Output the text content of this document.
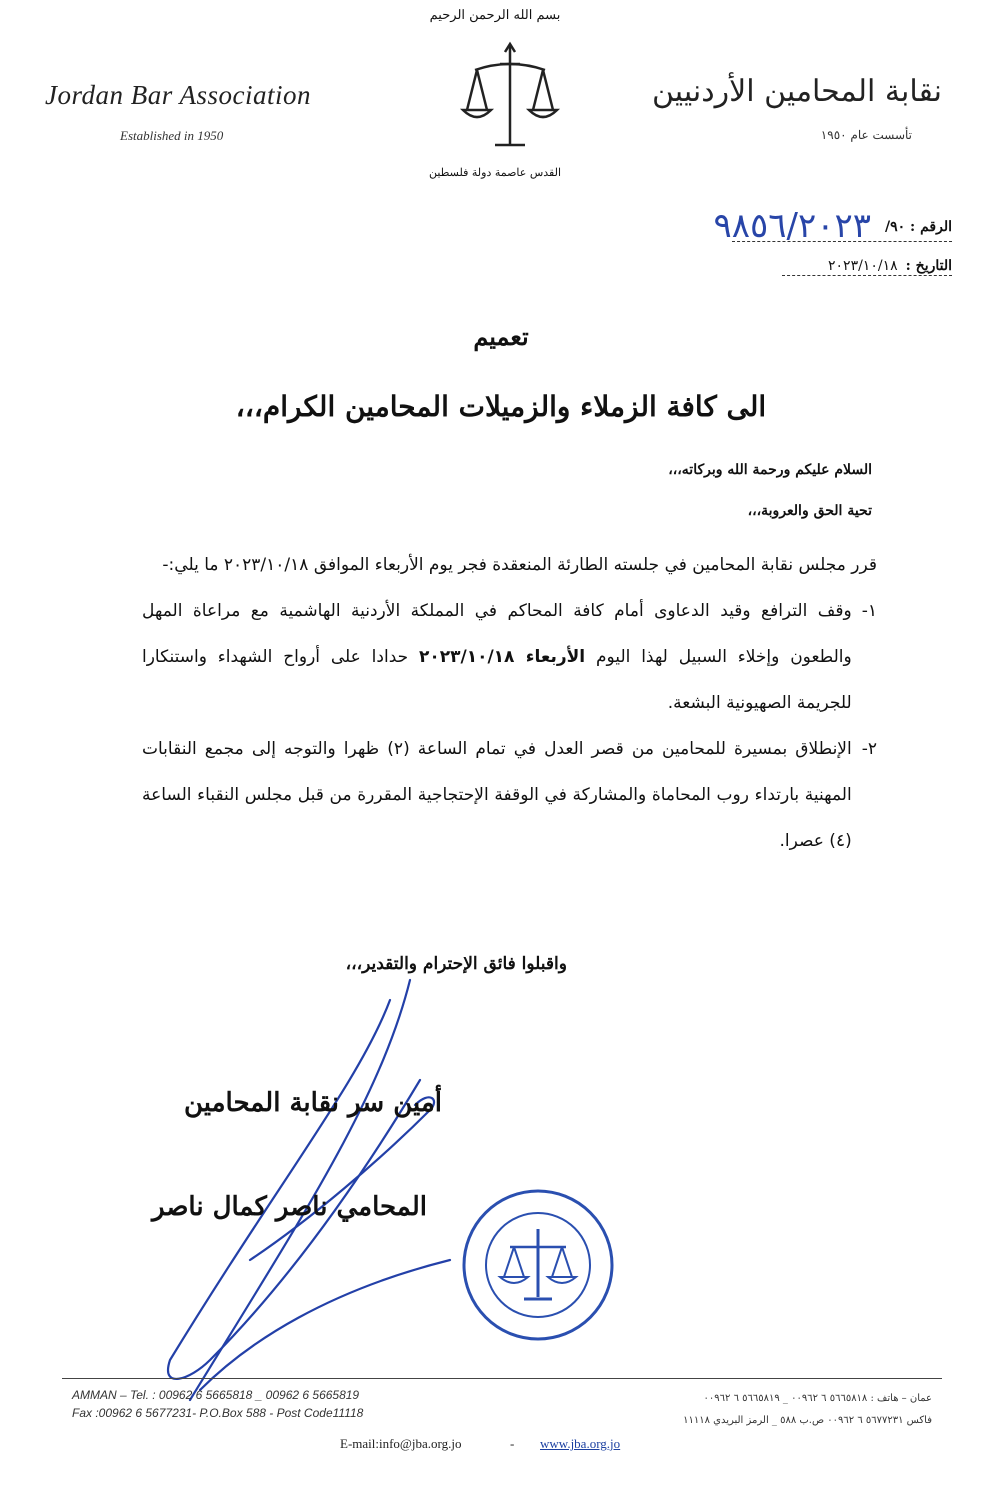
بسم الله الرحمن الرحيم
Jordan Bar Association
Established in 1950
نقابة المحامين الأردنيين
تأسست عام ١٩٥٠
القدس عاصمة دولة فلسطين
الرقم : ٩٠/
٩٨٥٦/٢٠٢٣
التاريخ :
٢٠٢٣/١٠/١٨
تعميم
الى كافة الزملاء والزميلات المحامين الكرام،،،
السلام عليكم ورحمة الله وبركاته،،،
تحية الحق والعروبة،،،

قرر مجلس نقابة المحامين في جلسته الطارئة المنعقدة فجر يوم الأربعاء الموافق ٢٠٢٣/١٠/١٨ ما يلي:-

١-
وقف الترافع وقيد الدعاوى أمام كافة المحاكم في المملكة الأردنية الهاشمية مع مراعاة المهل والطعون وإخلاء السبيل لهذا اليوم الأربعاء ٢٠٢٣/١٠/١٨ حدادا على أرواح الشهداء واستنكارا للجريمة الصهيونية البشعة.
٢-
الإنطلاق بمسيرة للمحامين من قصر العدل في تمام الساعة (٢) ظهرا والتوجه إلى مجمع النقابات المهنية بارتداء روب المحاماة والمشاركة في الوقفة الإحتجاجية المقررة من قبل مجلس النقباء الساعة (٤) عصرا.
واقبلوا فائق الإحترام والتقدير،،،
أمين سر نقابة المحامين
المحامي ناصر كمال ناصر
AMMAN – Tel. : 00962 6 5665818 _ 00962 6 5665819
Fax :00962 6 5677231- P.O.Box 588 - Post Code11118
عمان – هاتف : ٥٦٦٥٨١٨ ٦ ٠٠٩٦٢ _ ٥٦٦٥٨١٩ ٦ ٠٠٩٦٢
فاكس ٥٦٧٧٢٣١ ٦ ٠٠٩٦٢ ص.ب ٥٨٨ _ الرمز البريدي ١١١١٨
E-mail:info@jba.org.jo	- www.jba.org.jo
